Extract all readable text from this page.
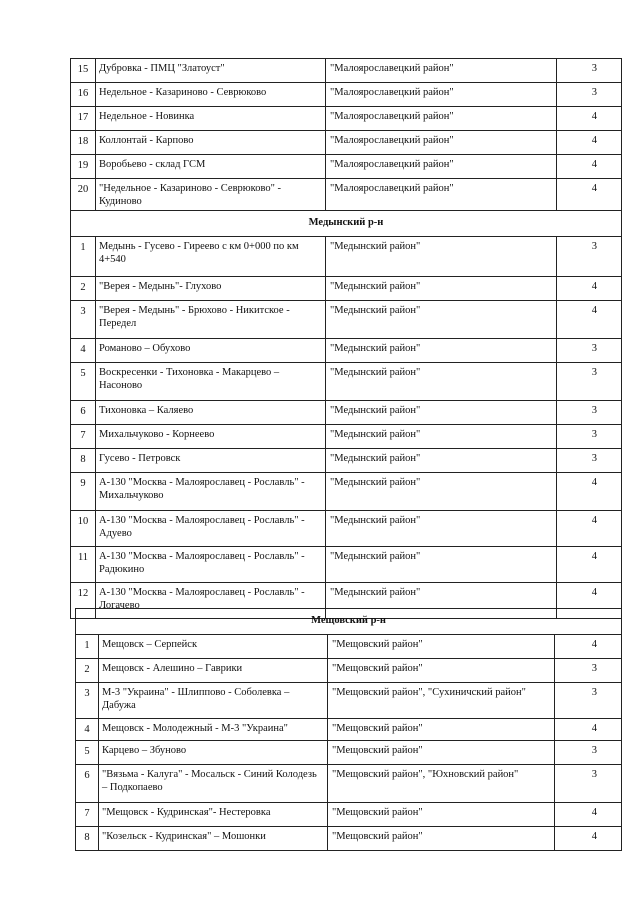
15	Дубровка - ПМЦ "Златоуст"	"Малоярославецкий район"	3
16	Недельное - Казариново - Севрюково	"Малоярославецкий район"	3
17	Недельное - Новинка	"Малоярославецкий район"	4
18	Коллонтай - Карпово	"Малоярославецкий район"	4
19	Воробьево - склад ГСМ	"Малоярославецкий район"	4
20	"Недельное - Казариново - Севрюково" - Кудиново	"Малоярославецкий район"	4
Медынский р-н			
1	Медынь - Гусево - Гиреево с км 0+000 по км 4+540	"Медынский район"	3
2	"Верея - Медынь"- Глухово	"Медынский район"	4
3	"Верея - Медынь" - Брюхово - Никитское - Передел	"Медынский район"	4
4	Романово – Обухово	"Медынский район"	3
5	Воскресенки - Тихоновка - Макарцево – Насоново	"Медынский район"	3
6	Тихоновка – Каляево	"Медынский район"	3
7	Михальчуково - Корнеево	"Медынский район"	3
8	Гусево - Петровск	"Медынский район"	3
9	А-130 "Москва - Малоярославец - Рославль" - Михальчуково	"Медынский район"	4
10	А-130 "Москва - Малоярославец - Рославль" - Адуево	"Медынский район"	4
11	А-130 "Москва - Малоярославец - Рославль" - Радюкино	"Медынский район"	4
12	А-130 "Москва - Малоярославец - Рославль" - Логачево	"Медынский район"	4
Мещовский р-н			
1	Мещовск – Серпейск	"Мещовский район"	4
2	Мещовск - Алешино – Гаврики	"Мещовский район"	3
3	М-3 "Украина" - Шлиппово - Соболевка – Дабужа	"Мещовский район", "Сухиничский район"	3
4	Мещовск - Молодежный - М-3 "Украина"	"Мещовский район"	4
5	Карцево – Збуново	"Мещовский район"	3
6	"Вязьма - Калуга" - Мосальск - Синий Колодезь – Подкопаево	"Мещовский район", "Юхновский район"	3
7	"Мещовск - Кудринская"- Нестеровка	"Мещовский район"	4
8	"Козельск - Кудринская" – Мошонки	"Мещовский район"	4
